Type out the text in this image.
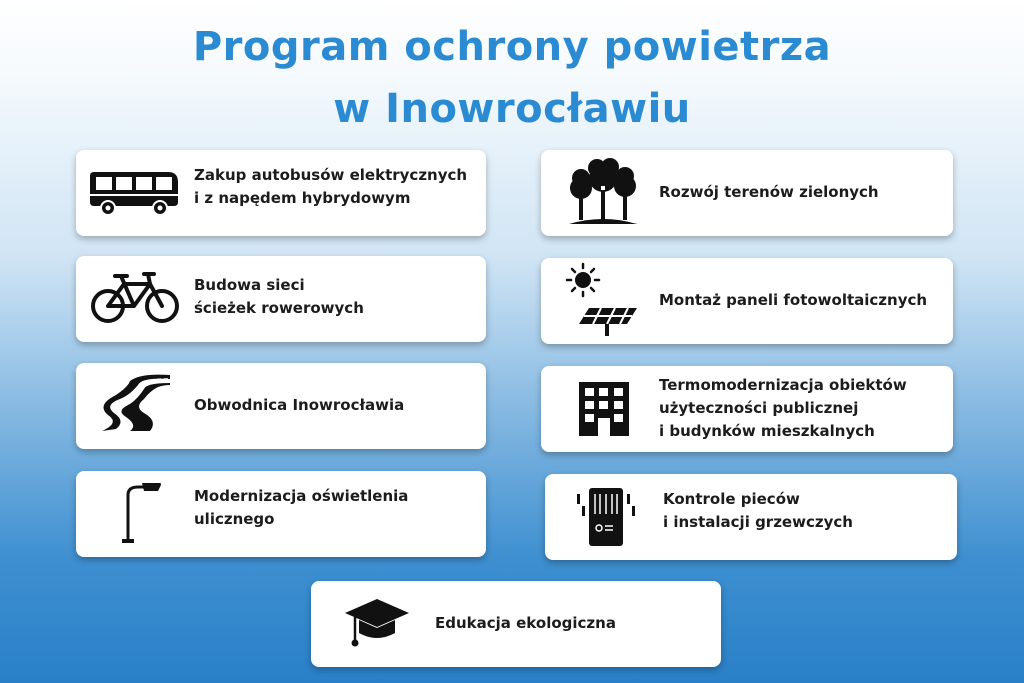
Program ochrony powietrza
w Inowrocławiu
Zakup autobusów elektrycznych
i z napędem hybrydowym	Rozwój terenów zielonych
Budowa sieci
ścieżek rowerowych	Montaż paneli fotowoltaicznych
Obwodnica Inowrocławia
Termomodernizacja obiektów
użyteczności publicznej
i budynków mieszkalnych
Modernizacja oświetlenia
ulicznego
Kontrole pieców
i instalacji grzewczych
Edukacja ekologiczna
